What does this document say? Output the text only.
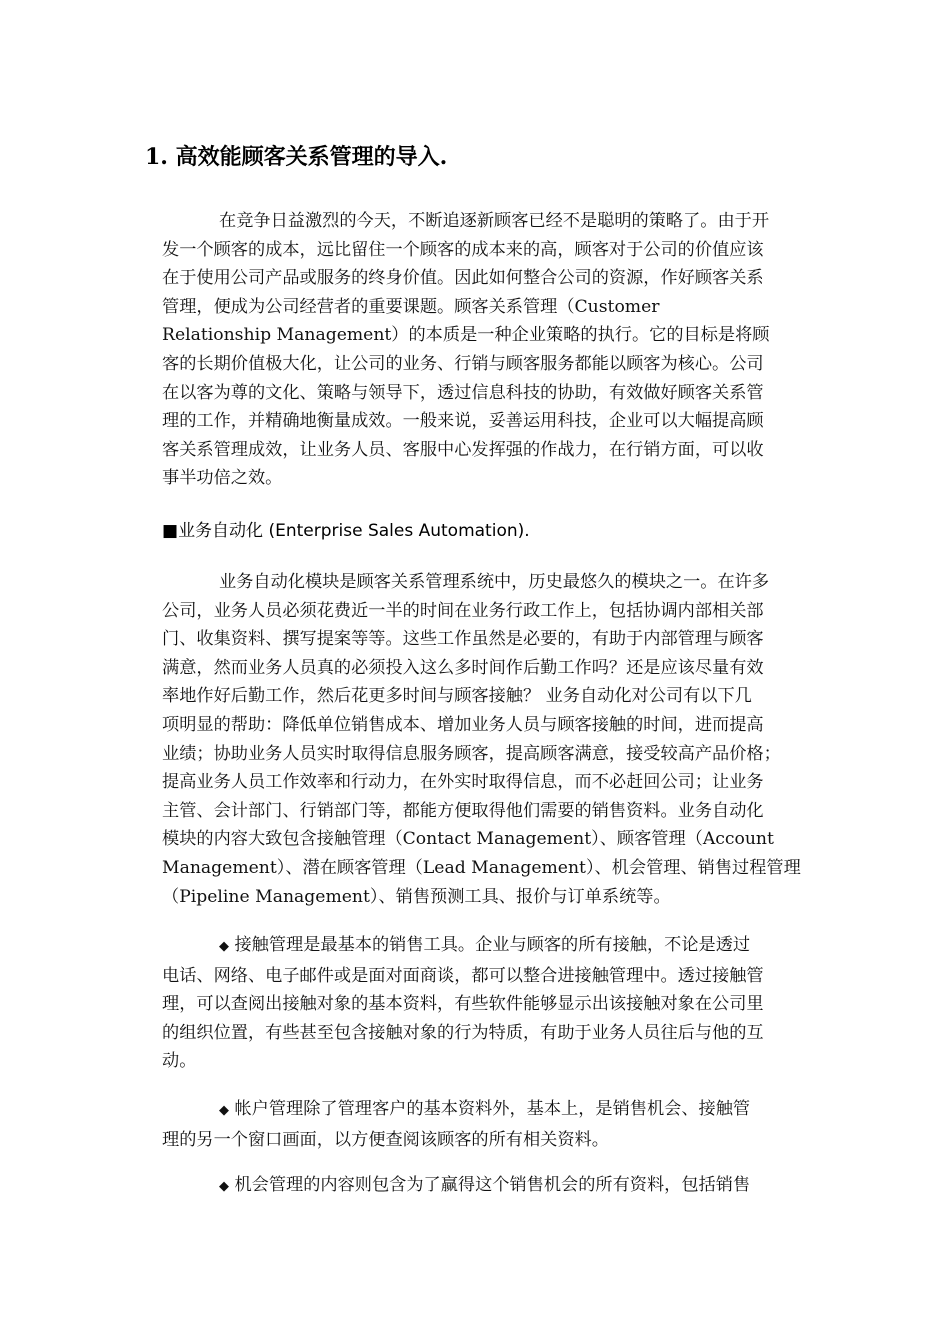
1. 高效能顾客关系管理的导入.
在竞争日益激烈的今天，不断追逐新顾客已经不是聪明的策略了。由于开
发一个顾客的成本，远比留住一个顾客的成本来的高，顾客对于公司的价值应该
在于使用公司产品或服务的终身价值。因此如何整合公司的资源，作好顾客关系
管理，便成为公司经营者的重要课题。顾客关系管理（Customer
Relationship Management）的本质是一种企业策略的执行。它的目标是将顾
客的长期价值极大化，让公司的业务、行销与顾客服务都能以顾客为核心。公司
在以客为尊的文化、策略与领导下，透过信息科技的协助，有效做好顾客关系管
理的工作，并精确地衡量成效。一般来说，妥善运用科技，企业可以大幅提高顾
客关系管理成效，让业务人员、客服中心发挥强的作战力，在行销方面，可以收
事半功倍之效。
■业务自动化 (Enterprise Sales Automation).
业务自动化模块是顾客关系管理系统中，历史最悠久的模块之一。在许多
公司，业务人员必须花费近一半的时间在业务行政工作上，包括协调内部相关部
门、收集资料、撰写提案等等。这些工作虽然是必要的，有助于内部管理与顾客
满意，然而业务人员真的必须投入这么多时间作后勤工作吗？还是应该尽量有效
率地作好后勤工作，然后花更多时间与顾客接触？ 业务自动化对公司有以下几
项明显的帮助：降低单位销售成本、增加业务人员与顾客接触的时间，进而提高
业绩；协助业务人员实时取得信息服务顾客，提高顾客满意，接受较高产品价格；
提高业务人员工作效率和行动力，在外实时取得信息，而不必赶回公司；让业务
主管、会计部门、行销部门等，都能方便取得他们需要的销售资料。业务自动化
模块的内容大致包含接触管理（Contact Management）、顾客管理（Account
Management）、潜在顾客管理（Lead Management）、机会管理、销售过程管理
（Pipeline Management）、销售预测工具、报价与订单系统等。
◆ 接触管理是最基本的销售工具。企业与顾客的所有接触，不论是透过
电话、网络、电子邮件或是面对面商谈，都可以整合进接触管理中。透过接触管
理，可以查阅出接触对象的基本资料，有些软件能够显示出该接触对象在公司里
的组织位置，有些甚至包含接触对象的行为特质，有助于业务人员往后与他的互
动。
◆ 帐户管理除了管理客户的基本资料外，基本上，是销售机会、接触管
理的另一个窗口画面，以方便查阅该顾客的所有相关资料。
◆ 机会管理的内容则包含为了赢得这个销售机会的所有资料，包括销售
